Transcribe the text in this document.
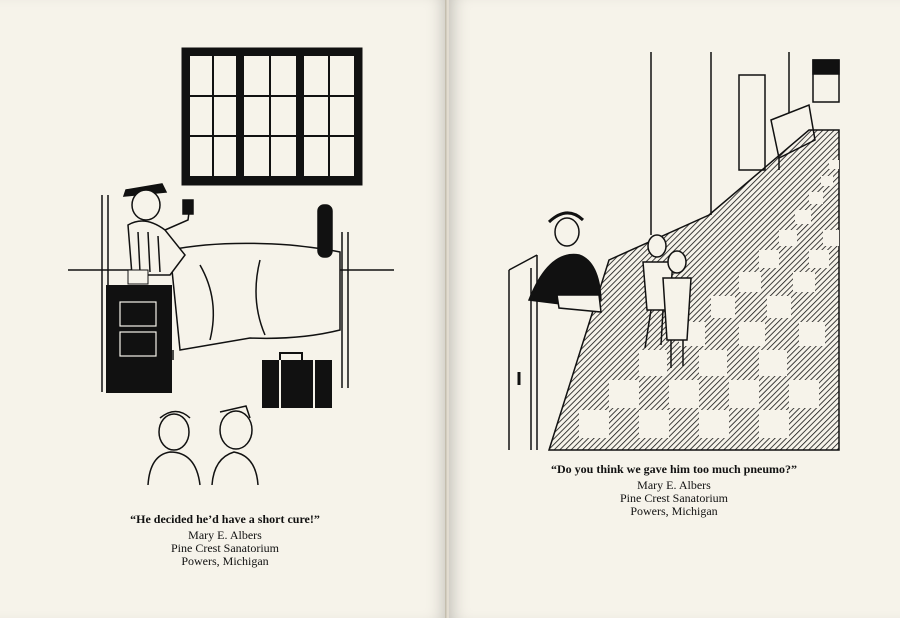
“He decided he’d have a short cure!”
Mary E. Albers
Pine Crest Sanatorium
Powers, Michigan
“Do you think we gave him too much pneumo?”
Mary E. Albers
Pine Crest Sanatorium
Powers, Michigan
